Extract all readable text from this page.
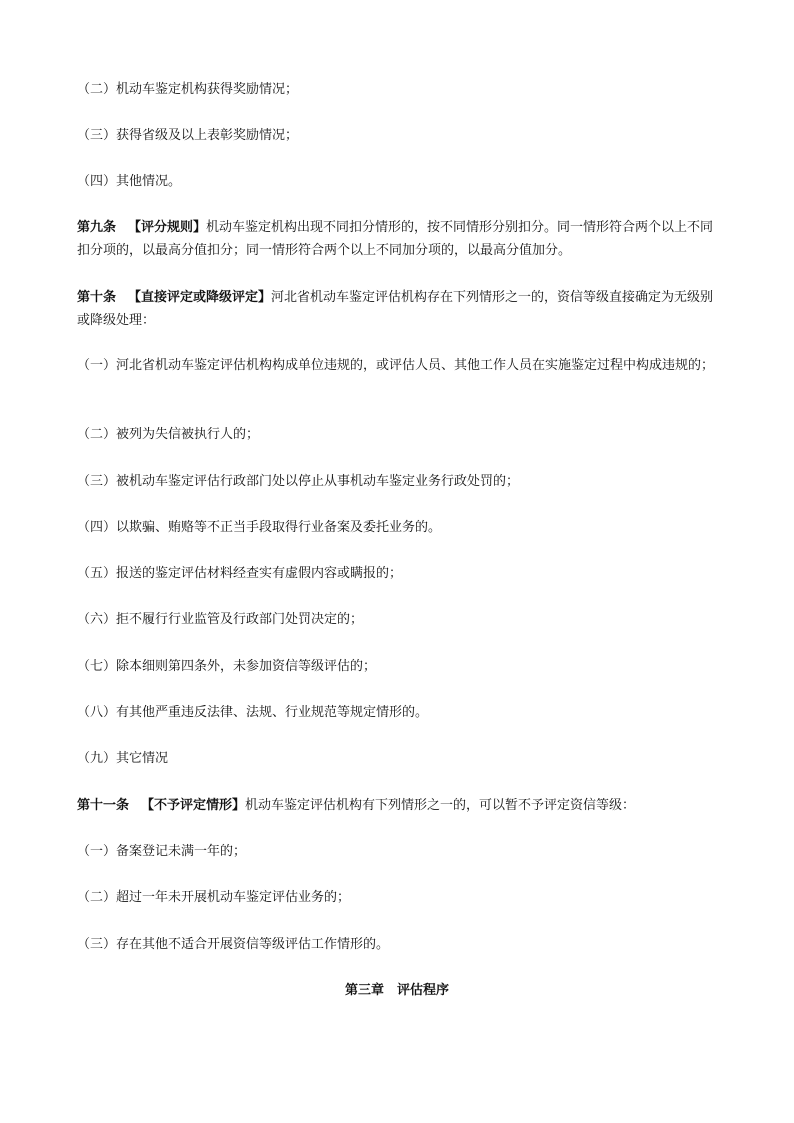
（二）机动车鉴定机构获得奖励情况；

（三）获得省级及以上表彰奖励情况；

（四）其他情况。

第九条 【评分规则】机动车鉴定机构出现不同扣分情形的，按不同情形分别扣分。同一情形符合两个以上不同扣分项的，以最高分值扣分；同一情形符合两个以上不同加分项的，以最高分值加分。

第十条 【直接评定或降级评定】河北省机动车鉴定评估机构存在下列情形之一的，资信等级直接确定为无级别或降级处理：

（一）河北省机动车鉴定评估机构构成单位违规的，或评估人员、其他工作人员在实施鉴定过程中构成违规的；

（二）被列为失信被执行人的；

（三）被机动车鉴定评估行政部门处以停止从事机动车鉴定业务行政处罚的；

（四）以欺骗、贿赂等不正当手段取得行业备案及委托业务的。

（五）报送的鉴定评估材料经查实有虚假内容或瞒报的；

（六）拒不履行行业监管及行政部门处罚决定的；

（七）除本细则第四条外，未参加资信等级评估的；

（八）有其他严重违反法律、法规、行业规范等规定情形的。

（九）其它情况

第十一条 【不予评定情形】机动车鉴定评估机构有下列情形之一的，可以暂不予评定资信等级：

（一）备案登记未满一年的；

（二）超过一年未开展机动车鉴定评估业务的；

（三）存在其他不适合开展资信等级评估工作情形的。

第三章　评估程序
